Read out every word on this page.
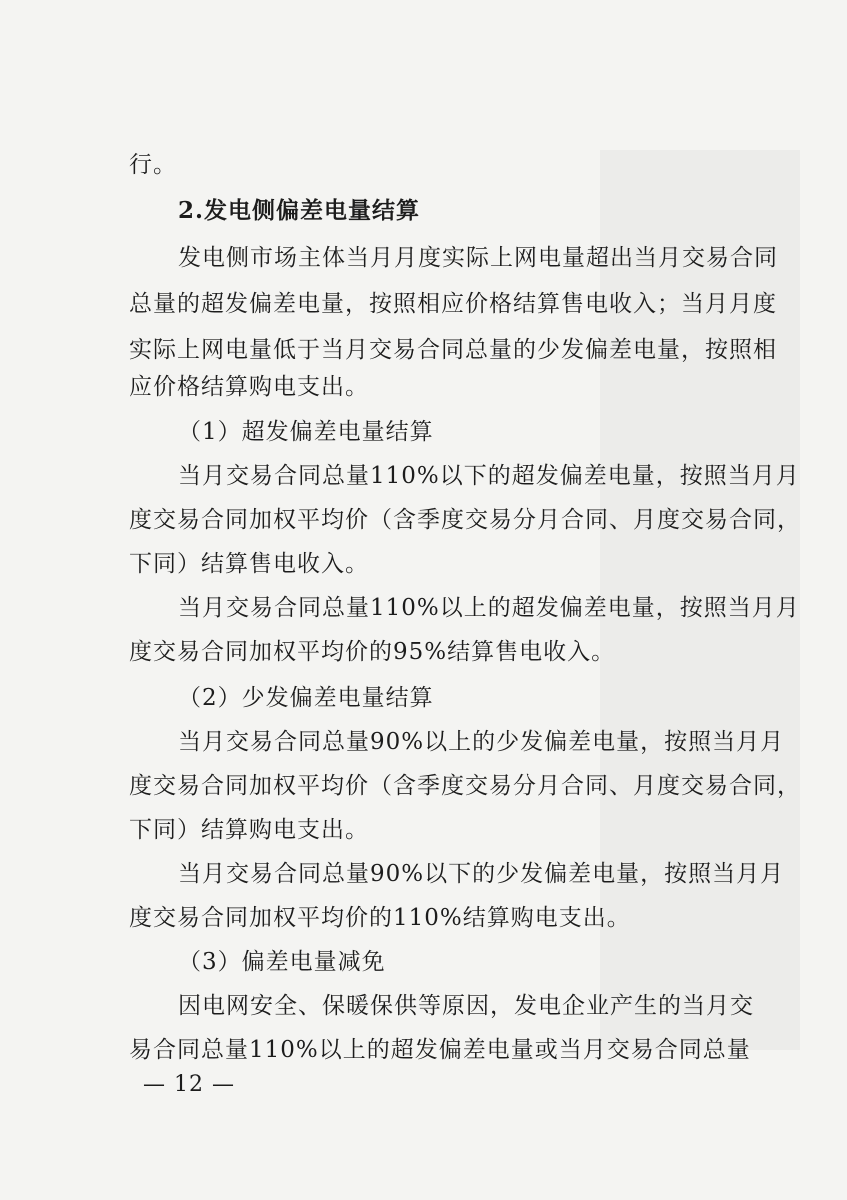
行。

2.发电侧偏差电量结算

发电侧市场主体当月月度实际上网电量超出当月交易合同

总量的超发偏差电量，按照相应价格结算售电收入；当月月度

实际上网电量低于当月交易合同总量的少发偏差电量，按照相

应价格结算购电支出。

（1）超发偏差电量结算

当月交易合同总量110%以下的超发偏差电量，按照当月月

度交易合同加权平均价（含季度交易分月合同、月度交易合同，

下同）结算售电收入。

当月交易合同总量110%以上的超发偏差电量，按照当月月

度交易合同加权平均价的95%结算售电收入。

（2）少发偏差电量结算

当月交易合同总量90%以上的少发偏差电量，按照当月月

度交易合同加权平均价（含季度交易分月合同、月度交易合同，

下同）结算购电支出。

当月交易合同总量90%以下的少发偏差电量，按照当月月

度交易合同加权平均价的110%结算购电支出。

（3）偏差电量减免

因电网安全、保暖保供等原因，发电企业产生的当月交

易合同总量110%以上的超发偏差电量或当月交易合同总量

— 12 —
